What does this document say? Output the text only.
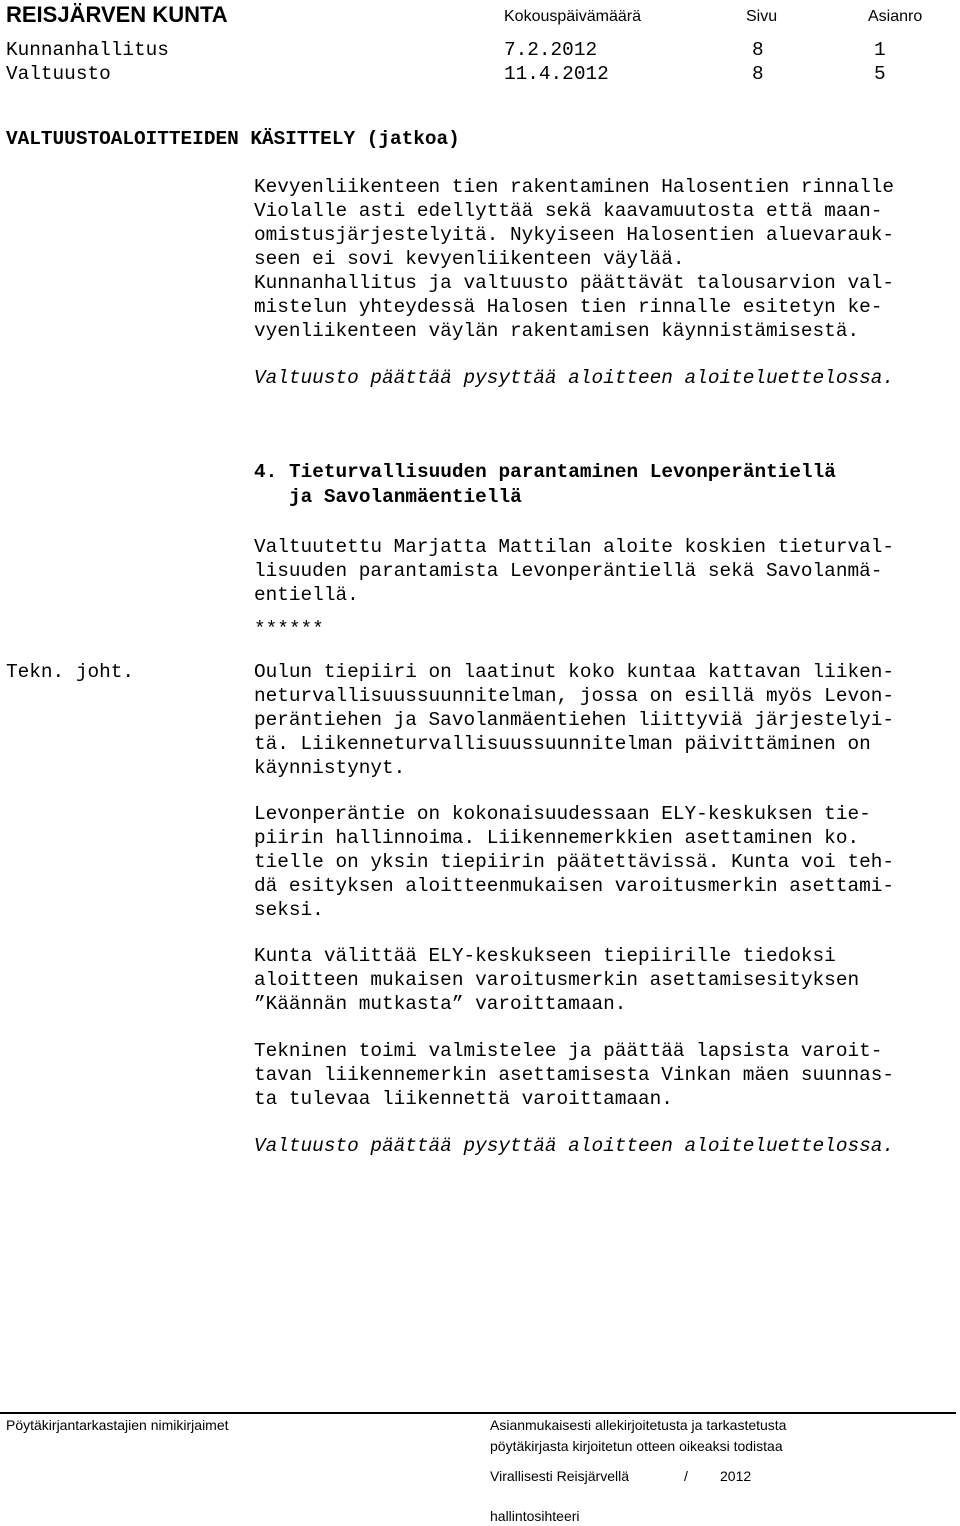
REISJÄRVEN KUNTA	Kokouspäivämäärä	Sivu	Asianro
Kunnanhallitus	7.2.2012	8	1
Valtuusto	11.4.2012	8	5
VALTUUSTOALOITTEIDEN KÄSITTELY (jatkoa)
Kevyenliikenteen tien rakentaminen Halosentien rinnalle
Violalle asti edellyttää sekä kaavamuutosta että maan-
omistusjärjestelyitä. Nykyiseen Halosentien aluevarauk-
seen ei sovi kevyenliikenteen väylää.
Kunnanhallitus ja valtuusto päättävät talousarvion val-
mistelun yhteydessä Halosen tien rinnalle esitetyn ke-
vyenliikenteen väylän rakentamisen käynnistämisestä.
Valtuusto päättää pysyttää aloitteen aloiteluettelossa.
4. Tieturvallisuuden parantaminen Levonperäntiellä
ja Savolanmäentiellä
Valtuutettu Marjatta Mattilan aloite koskien tieturval-
lisuuden parantamista Levonperäntiellä sekä Savolanmä-
entiellä.
******
Tekn. joht.	Oulun tiepiiri on laatinut koko kuntaa kattavan liiken-
neturvallisuussuunnitelman, jossa on esillä myös Levon-
peräntiehen ja Savolanmäentiehen liittyviä järjestelyi-
tä. Liikenneturvallisuussuunnitelman päivittäminen on
käynnistynyt.
Levonperäntie on kokonaisuudessaan ELY-keskuksen tie-
piirin hallinnoima. Liikennemerkkien asettaminen ko.
tielle on yksin tiepiirin päätettävissä. Kunta voi teh-
dä esityksen aloitteenmukaisen varoitusmerkin asettami-
seksi.
Kunta välittää ELY-keskukseen tiepiirille tiedoksi
aloitteen mukaisen varoitusmerkin asettamisesityksen
”Käännän mutkasta” varoittamaan.
Tekninen toimi valmistelee ja päättää lapsista varoit-
tavan liikennemerkin asettamisesta Vinkan mäen suunnas-
ta tulevaa liikennettä varoittamaan.
Valtuusto päättää pysyttää aloitteen aloiteluettelossa.
Pöytäkirjantarkastajien nimikirjaimet	Asianmukaisesti allekirjoitetusta ja tarkastetusta
pöytäkirjasta kirjoitetun otteen oikeaksi todistaa
Virallisesti Reisjärvellä	/ 2012
hallintosihteeri
